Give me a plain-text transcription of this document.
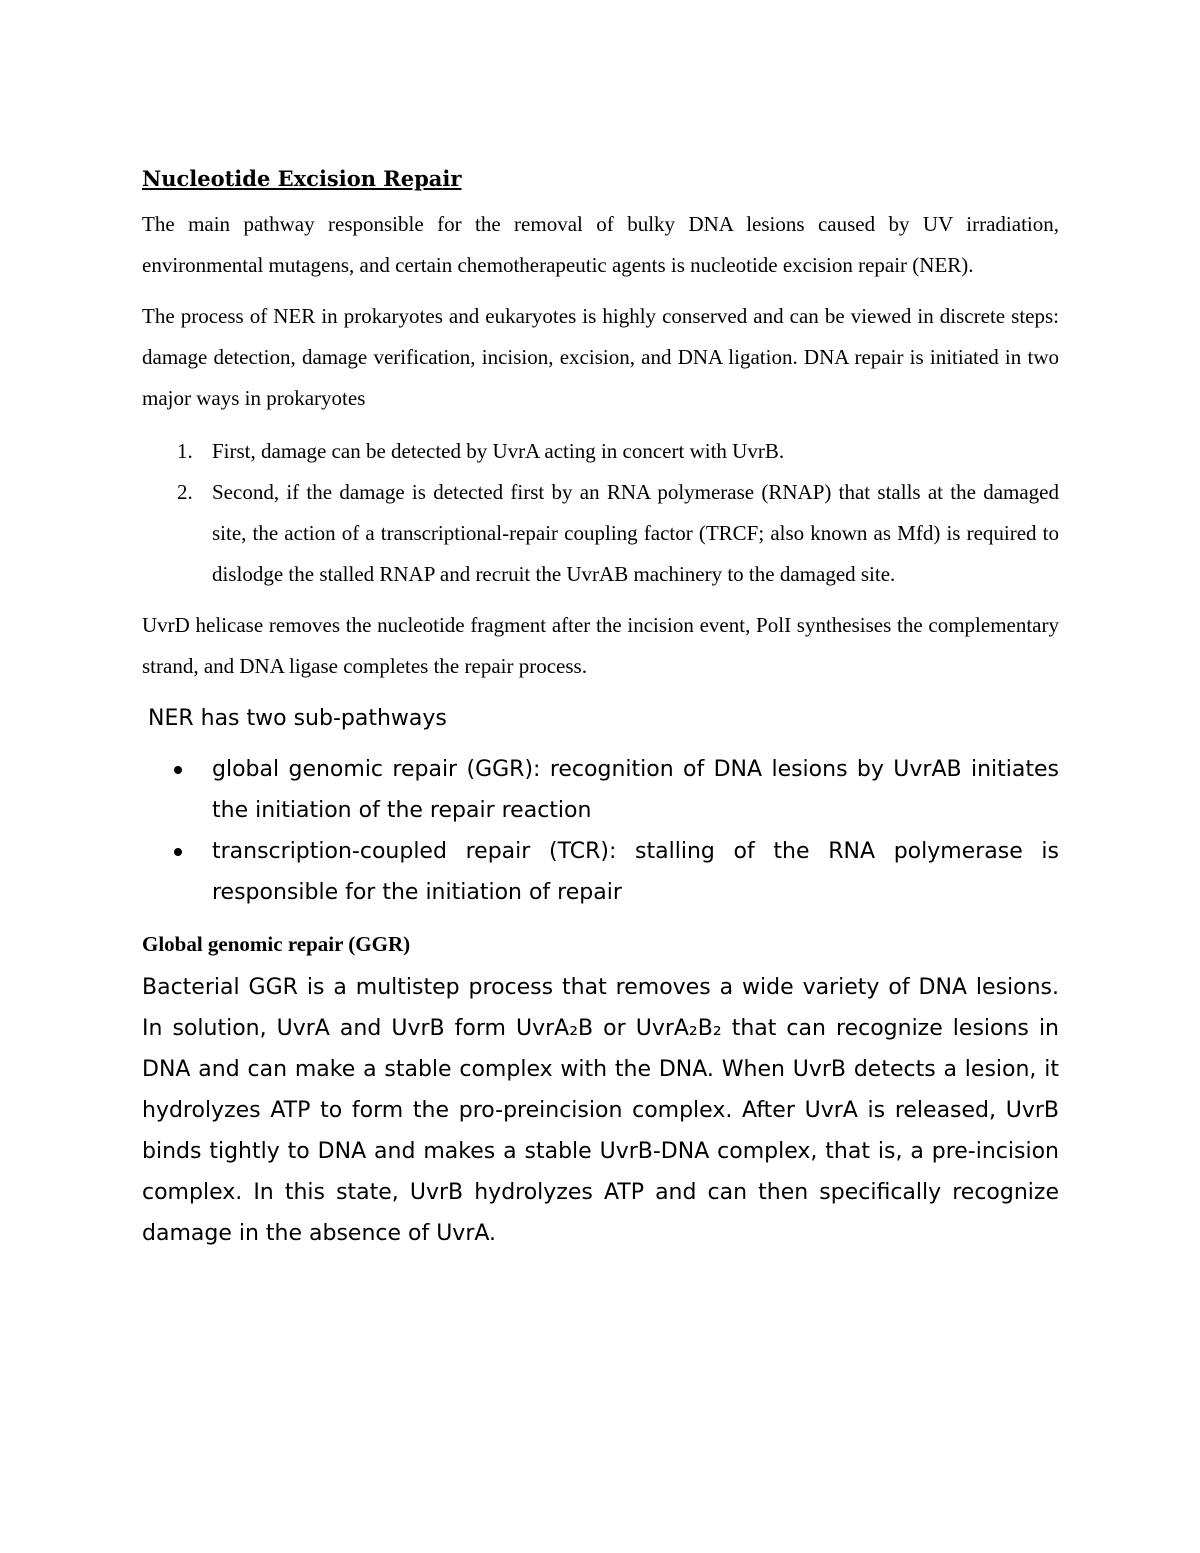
Nucleotide Excision Repair

The main pathway responsible for the removal of bulky DNA lesions caused by UV irradiation, environmental mutagens, and certain chemotherapeutic agents is nucleotide excision repair (NER).

The process of NER in prokaryotes and eukaryotes is highly conserved and can be viewed in discrete steps: damage detection, damage verification, incision, excision, and DNA ligation. DNA repair is initiated in two major ways in prokaryotes

1. First, damage can be detected by UvrA acting in concert with UvrB.
2. Second, if the damage is detected first by an RNA polymerase (RNAP) that stalls at the damaged site, the action of a transcriptional-repair coupling factor (TRCF; also known as Mfd) is required to dislodge the stalled RNAP and recruit the UvrAB machinery to the damaged site.

UvrD helicase removes the nucleotide fragment after the incision event, PolI synthesises the complementary strand, and DNA ligase completes the repair process.

NER has two sub-pathways
global genomic repair (GGR): recognition of DNA lesions by UvrAB initiates the initiation of the repair reaction
transcription-coupled repair (TCR): stalling of the RNA polymerase is responsible for the initiation of repair
Global genomic repair (GGR)

Bacterial GGR is a multistep process that removes a wide variety of DNA lesions. In solution, UvrA and UvrB form UvrA₂B or UvrA₂B₂ that can recognize lesions in DNA and can make a stable complex with the DNA. When UvrB detects a lesion, it hydrolyzes ATP to form the pro-preincision complex. After UvrA is released, UvrB binds tightly to DNA and makes a stable UvrB-DNA complex, that is, a pre-incision complex. In this state, UvrB hydrolyzes ATP and can then specifically recognize damage in the absence of UvrA.
